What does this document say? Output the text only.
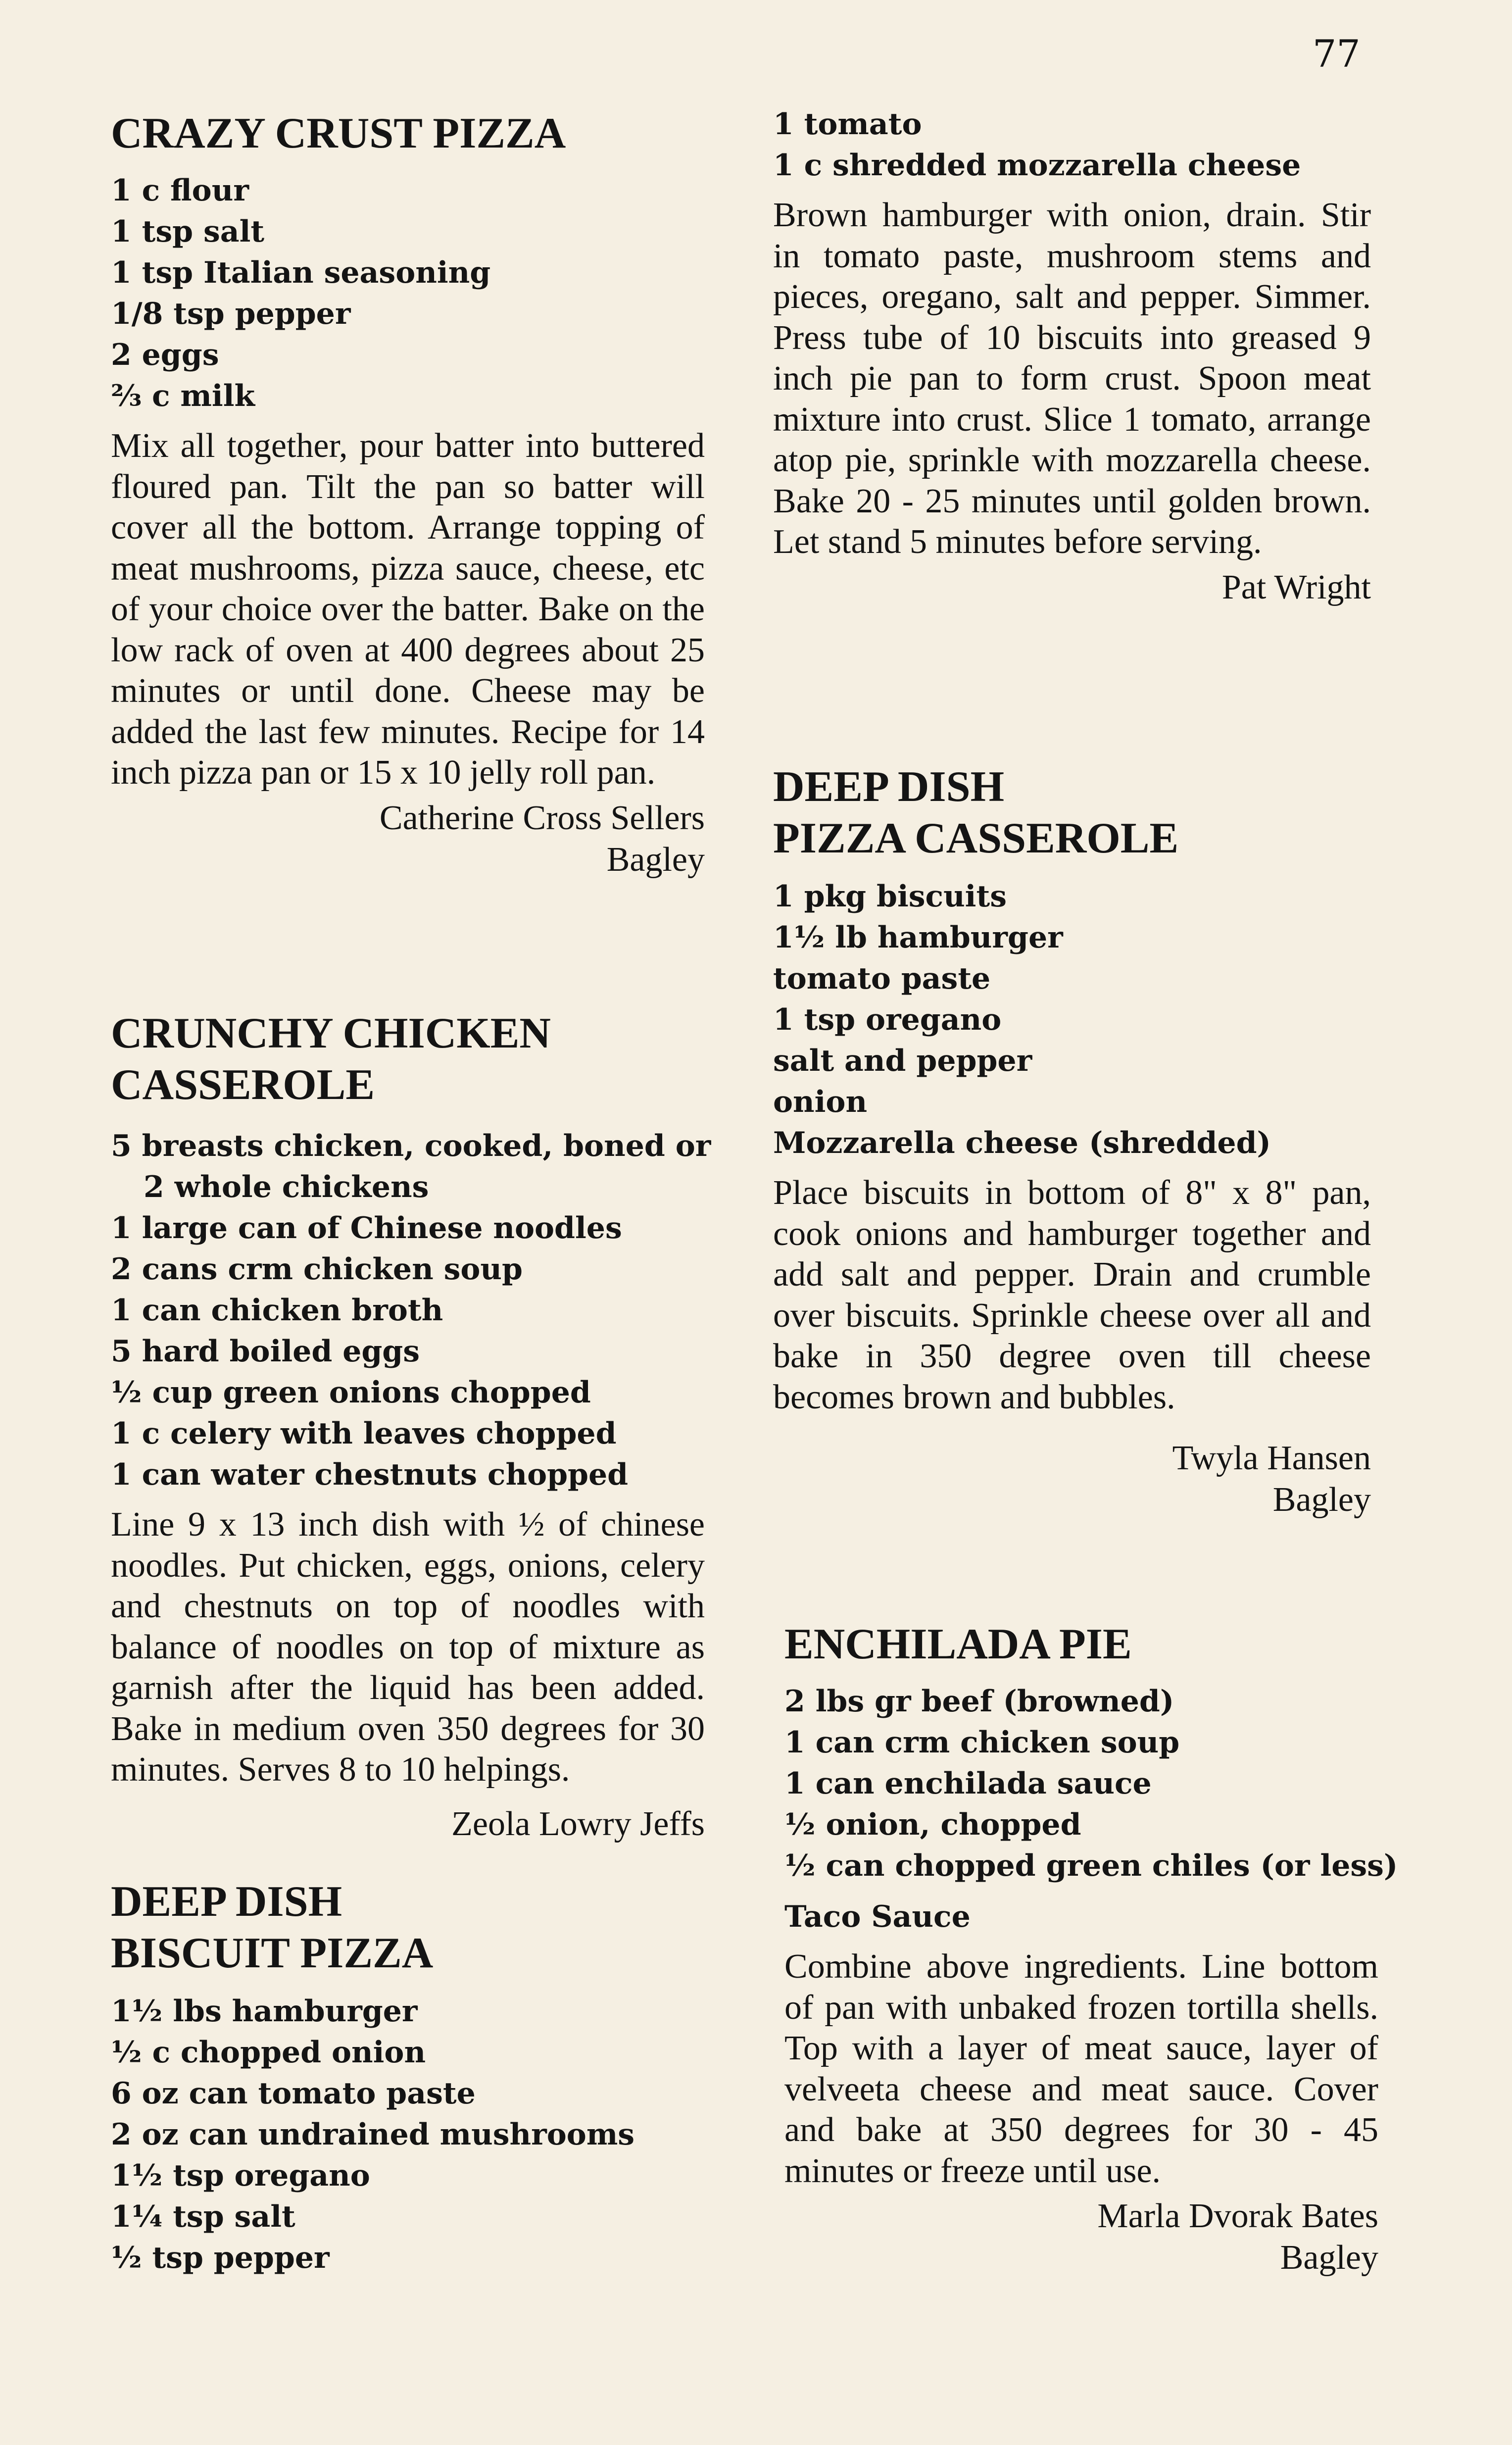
77
CRAZY CRUST PIZZA
1 c flour
1 tsp salt
1 tsp Italian seasoning
1/8 tsp pepper
2 eggs
⅔ c milk
Mix all together, pour batter into buttered floured pan. Tilt the pan so batter will cover all the bottom. Arrange topping of meat mushrooms, pizza sauce, cheese, etc of your choice over the batter. Bake on the low rack of oven at 400 degrees about 25 minutes or until done. Cheese may be added the last few minutes. Recipe for 14 inch pizza pan or 15 x 10 jelly roll pan.
Catherine Cross Sellers
Bagley
CRUNCHY CHICKEN
CASSEROLE
5 breasts chicken, cooked, boned or
2 whole chickens
1 large can of Chinese noodles
2 cans crm chicken soup
1 can chicken broth
5 hard boiled eggs
½ cup green onions chopped
1 c celery with leaves chopped
1 can water chestnuts chopped
Line 9 x 13 inch dish with ½ of chinese noodles. Put chicken, eggs, onions, celery and chestnuts on top of noodles with balance of noodles on top of mixture as garnish after the liquid has been added. Bake in medium oven 350 degrees for 30 minutes. Serves 8 to 10 helpings.
Zeola Lowry Jeffs
DEEP DISH
BISCUIT PIZZA
1½ lbs hamburger
½ c chopped onion
6 oz can tomato paste
2 oz can undrained mushrooms
1½ tsp oregano
1¼ tsp salt
½ tsp pepper
1 tomato
1 c shredded mozzarella cheese
Brown hamburger with onion, drain. Stir in tomato paste, mushroom stems and pieces, oregano, salt and pepper. Simmer. Press tube of 10 biscuits into greased 9 inch pie pan to form crust. Spoon meat mixture into crust. Slice 1 tomato, arrange atop pie, sprinkle with mozzarella cheese. Bake 20 - 25 minutes until golden brown. Let stand 5 minutes before serving.
Pat Wright
DEEP DISH
PIZZA CASSEROLE
1 pkg biscuits
1½ lb hamburger
tomato paste
1 tsp oregano
salt and pepper
onion
Mozzarella cheese (shredded)
Place biscuits in bottom of 8" x 8" pan, cook onions and hamburger together and add salt and pepper. Drain and crumble over biscuits. Sprinkle cheese over all and bake in 350 degree oven till cheese becomes brown and bubbles.
Twyla Hansen
Bagley
ENCHILADA PIE
2 lbs gr beef (browned)
1 can crm chicken soup
1 can enchilada sauce
½ onion, chopped
½ can chopped green chiles (or less)
Taco Sauce
Combine above ingredients. Line bottom of pan with unbaked frozen tortilla shells. Top with a layer of meat sauce, layer of velveeta cheese and meat sauce. Cover and bake at 350 degrees for 30 - 45 minutes or freeze until use.
Marla Dvorak Bates
Bagley
